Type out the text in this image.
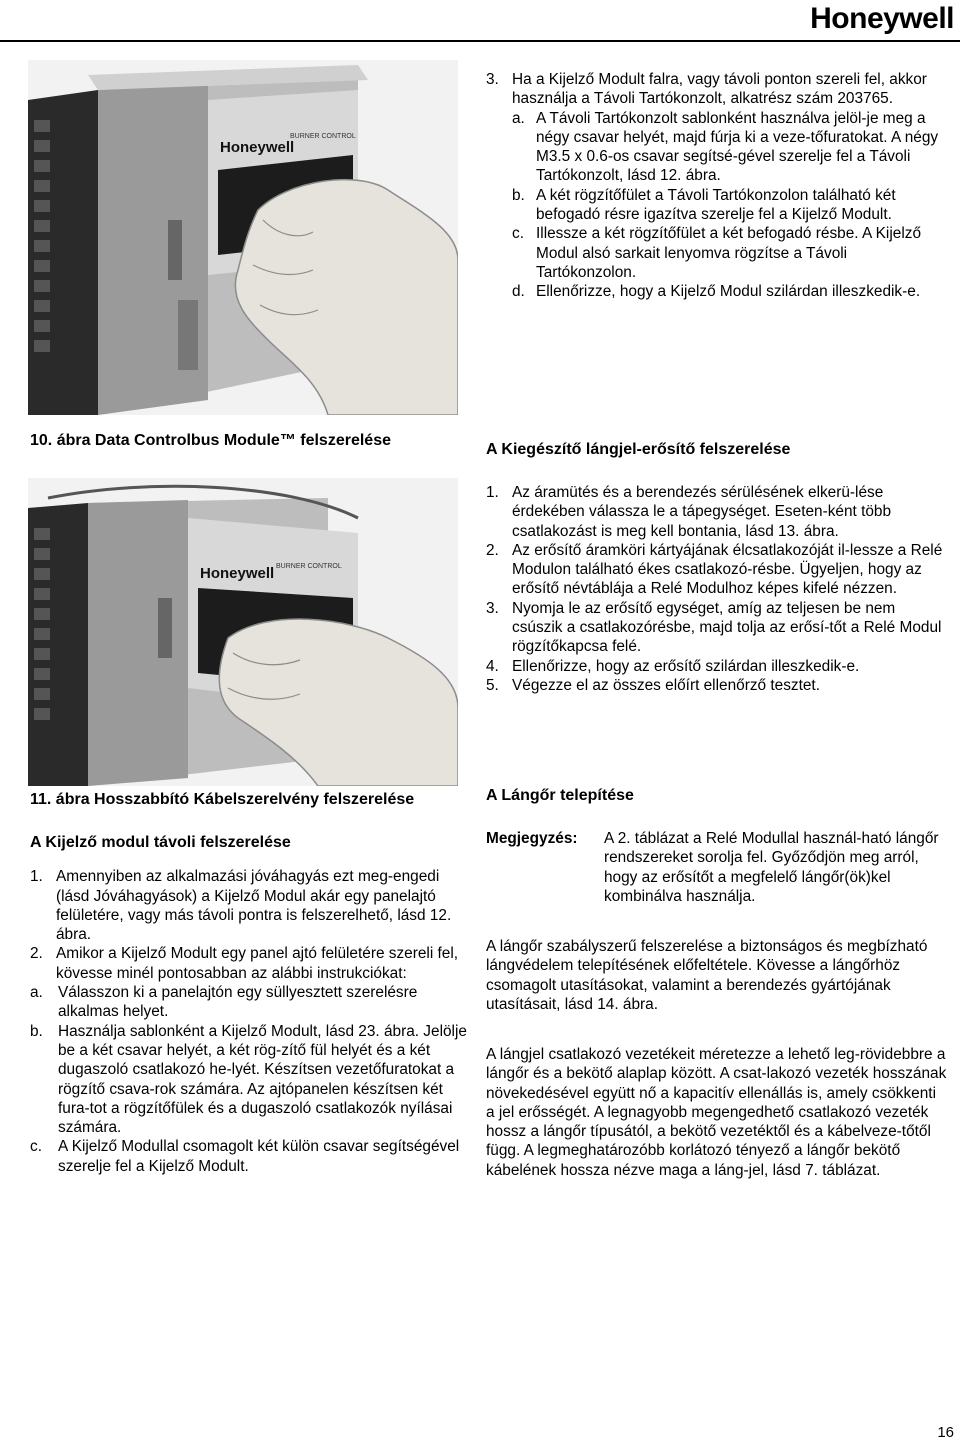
Honeywell
Honeywell
BURNER CONTROL
10. ábra Data Controlbus Module™ felszerelése
Honeywell BURNER CONTROL
11. ábra Hosszabbító Kábelszerelvény felszerelése

A Kijelző modul távoli felszerelése

1. Amennyiben az alkalmazási jóváhagyás ezt meg-engedi (lásd Jóváhagyások) a Kijelző Modul akár egy panelajtó felületére, vagy más távoli pontra is felszerelhető, lásd 12. ábra.

2. Amikor a Kijelző Modult egy panel ajtó felületére szereli fel, kövesse minél pontosabban az alábbi instrukciókat:

a. Válasszon ki a panelajtón egy süllyesztett szerelésre alkalmas helyet.

b. Használja sablonként a Kijelző Modult, lásd 23. ábra. Jelölje be a két csavar helyét, a két rög-zítő fül helyét és a két dugaszoló csatlakozó he-lyét. Készítsen vezetőfuratokat a rögzítő csava-rok számára. Az ajtópanelen készítsen két fura-tot a rögzítőfülek és a dugaszoló csatlakozók nyílásai számára.

c.	A Kijelző Modullal csomagolt két külön csavar segítségével szerelje fel a Kijelző Modult.

3. Ha a Kijelző Modult falra, vagy távoli ponton szereli fel, akkor használja a Távoli Tartókonzolt, alkatrész szám 203765.

a. A Távoli Tartókonzolt sablonként használva jelöl-je meg a négy csavar helyét, majd fúrja ki a veze-tőfuratokat. A négy M3.5 x 0.6-os csavar segítsé-gével szerelje fel a Távoli Tartókonzolt, lásd 12. ábra.

b. A két rögzítőfület a Távoli Tartókonzolon található két befogadó résre igazítva szerelje fel a Kijelző Modult.

c. Illessze a két rögzítőfület a két befogadó résbe. A Kijelző Modul alsó sarkait lenyomva rögzítse a Távoli Tartókonzolon.

d. Ellenőrizze, hogy a Kijelző Modul szilárdan illeszkedik-e.

A Kiegészítő lángjel-erősítő felszerelése

1. Az áramütés és a berendezés sérülésének elkerü-lése érdekében válassza le a tápegységet. Eseten-ként több csatlakozást is meg kell bontania, lásd 13. ábra.

2. Az erősítő áramköri kártyájának élcsatlakozóját il-lessze a Relé Modulon található ékes csatlakozó-résbe. Ügyeljen, hogy az erősítő névtáblája a Relé Modulhoz képes kifelé nézzen.

3. Nyomja le az erősítő egységet, amíg az teljesen be nem csúszik a csatlakozórésbe, majd tolja az erősí-tőt a Relé Modul rögzítőkapcsa felé.

4. Ellenőrizze, hogy az erősítő szilárdan illeszkedik-e.

5. Végezze el az összes előírt ellenőrző tesztet.

A Lángőr telepítése
Megjegyzés:	A 2. táblázat a Relé Modullal használ-ható lángőr rendszereket sorolja fel. Győződjön meg arról, hogy az erősítőt a megfelelő lángőr(ök)kel kombinálva használja.
A lángőr szabályszerű felszerelése a biztonságos és megbízható lángvédelem telepítésének előfeltétele. Kövesse a lángőrhöz csomagolt utasításokat, valamint a berendezés gyártójának utasításait, lásd 14. ábra.
A lángjel csatlakozó vezetékeit méretezze a lehető leg-rövidebbre a lángőr és a bekötő alaplap között. A csat-lakozó vezeték hosszának növekedésével együtt nő a kapacitív ellenállás is, amely csökkenti a jel erősségét. A legnagyobb megengedhető csatlakozó vezeték hossz a lángőr típusától, a bekötő vezetéktől és a kábelveze-tőtől függ. A legmeghatározóbb korlátozó tényező a lángőr bekötő kábelének hossza nézve maga a láng-jel, lásd 7. táblázat.
16
